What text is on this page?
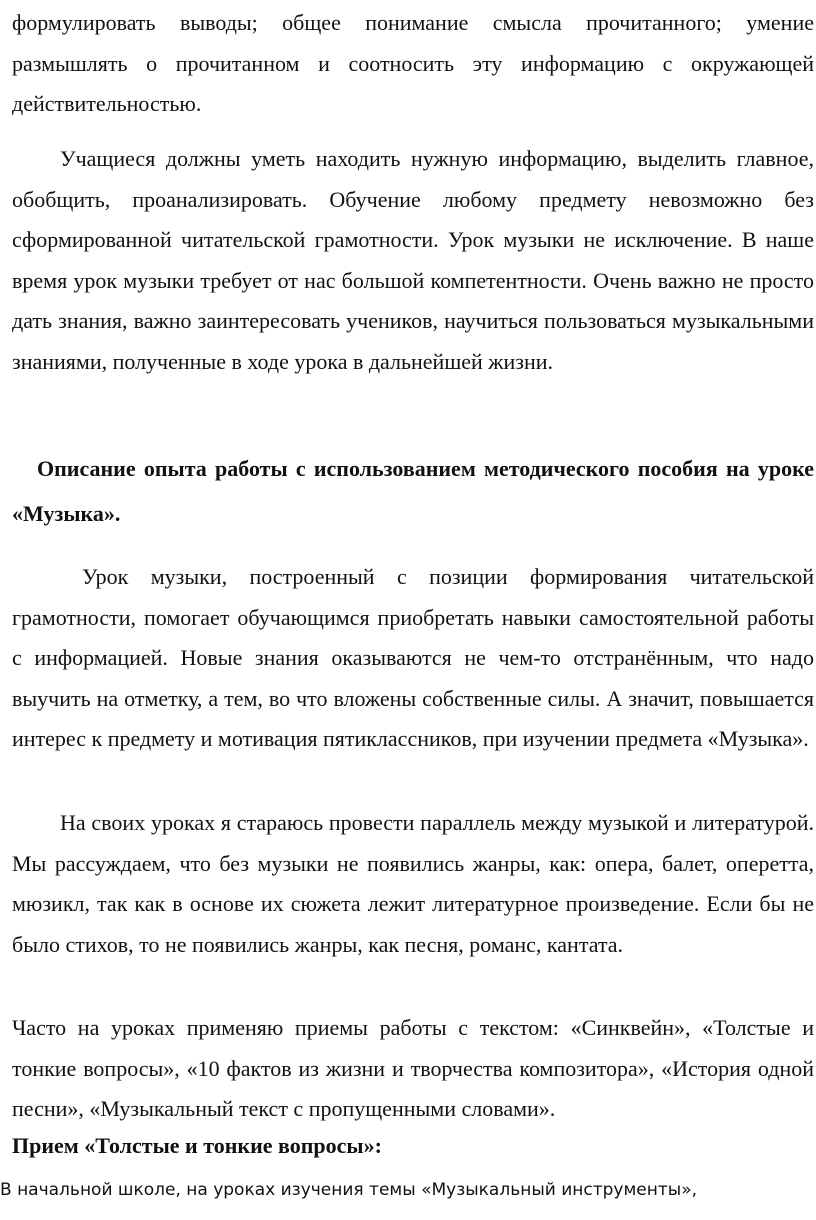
формулировать выводы; общее понимание смысла прочитанного; умение размышлять о прочитанном и соотносить эту информацию с окружающей действительностью.

Учащиеся должны уметь находить нужную информацию, выделить главное, обобщить, проанализировать. Обучение любому предмету невозможно без сформированной читательской грамотности. Урок музыки не исключение. В наше время урок музыки требует от нас большой компетентности. Очень важно не просто дать знания, важно заинтересовать учеников, научиться пользоваться музыкальными знаниями, полученные в ходе урока в дальнейшей жизни.

Описание опыта работы с использованием методического пособия на уроке «Музыка».

Урок музыки, построенный с позиции формирования читательской грамотности, помогает обучающимся приобретать навыки самостоятельной работы с информацией. Новые знания оказываются не чем-то отстранённым, что надо выучить на отметку, а тем, во что вложены собственные силы. А значит, повышается интерес к предмету и мотивация пятиклассников, при изучении предмета «Музыка».

На своих уроках я стараюсь провести параллель между музыкой и литературой. Мы рассуждаем, что без музыки не появились жанры, как: опера, балет, оперетта, мюзикл, так как в основе их сюжета лежит литературное произведение. Если бы не было стихов, то не появились жанры, как песня, романс, кантата.

Часто на уроках применяю приемы работы с текстом: «Синквейн», «Толстые и тонкие вопросы», «10 фактов из жизни и творчества композитора», «История одной песни», «Музыкальный текст с пропущенными словами».

Прием «Толстые и тонкие вопросы»:

В начальной школе, на уроках изучения темы «Музыкальный инструменты»,
